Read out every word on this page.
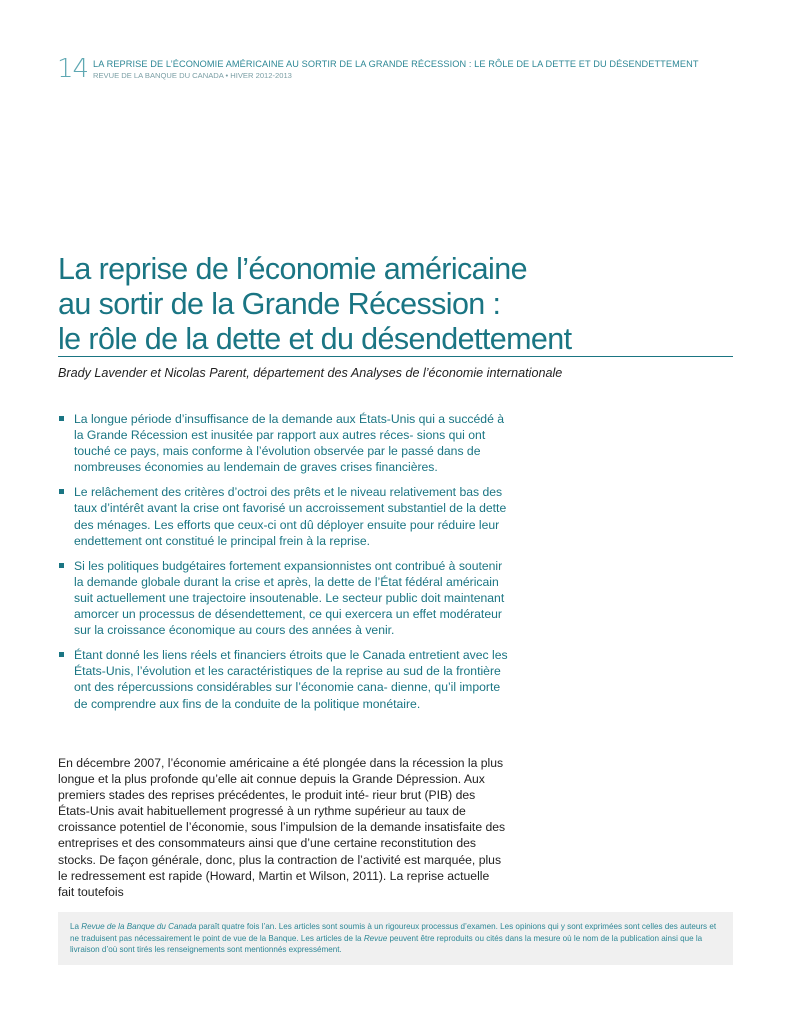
14 LA REPRISE DE L’ÉCONOMIE AMÉRICAINE AU SORTIR DE LA GRANDE RÉCESSION : LE RÔLE DE LA DETTE ET DU DÉSENDETTEMENT
REVUE DE LA BANQUE DU CANADA • HIVER 2012-2013
La reprise de l’économie américaine
au sortir de la Grande Récession :
le rôle de la dette et du désendettement
Brady Lavender et Nicolas Parent, département des Analyses de l’économie internationale
La longue période d’insuffisance de la demande aux États-Unis qui a succédé à la Grande Récession est inusitée par rapport aux autres réces- sions qui ont touché ce pays, mais conforme à l’évolution observée par le passé dans de nombreuses économies au lendemain de graves crises financières.
Le relâchement des critères d’octroi des prêts et le niveau relativement bas des taux d’intérêt avant la crise ont favorisé un accroissement substantiel de la dette des ménages. Les efforts que ceux-ci ont dû déployer ensuite pour réduire leur endettement ont constitué le principal frein à la reprise.
Si les politiques budgétaires fortement expansionnistes ont contribué à soutenir la demande globale durant la crise et après, la dette de l’État fédéral américain suit actuellement une trajectoire insoutenable. Le secteur public doit maintenant amorcer un processus de désendettement, ce qui exercera un effet modérateur sur la croissance économique au cours des années à venir.
Étant donné les liens réels et financiers étroits que le Canada entretient avec les États-Unis, l’évolution et les caractéristiques de la reprise au sud de la frontière ont des répercussions considérables sur l’économie cana- dienne, qu’il importe de comprendre aux fins de la conduite de la politique monétaire.

En décembre 2007, l’économie américaine a été plongée dans la récession la plus longue et la plus profonde qu’elle ait connue depuis la Grande Dépression. Aux premiers stades des reprises précédentes, le produit inté- rieur brut (PIB) des États-Unis avait habituellement progressé à un rythme supérieur au taux de croissance potentiel de l’économie, sous l’impulsion de la demande insatisfaite des entreprises et des consommateurs ainsi que d’une certaine reconstitution des stocks. De façon générale, donc, plus la contraction de l’activité est marquée, plus le redressement est rapide (Howard, Martin et Wilson, 2011). La reprise actuelle fait toutefois

La Revue de la Banque du Canada paraît quatre fois l’an. Les articles sont soumis à un rigoureux processus d’examen. Les opinions qui y sont exprimées sont celles des auteurs et ne traduisent pas nécessairement le point de vue de la Banque. Les articles de la Revue peuvent être reproduits ou cités dans la mesure où le nom de la publication ainsi que la livraison d’où sont tirés les renseignements sont mentionnés expressément.
